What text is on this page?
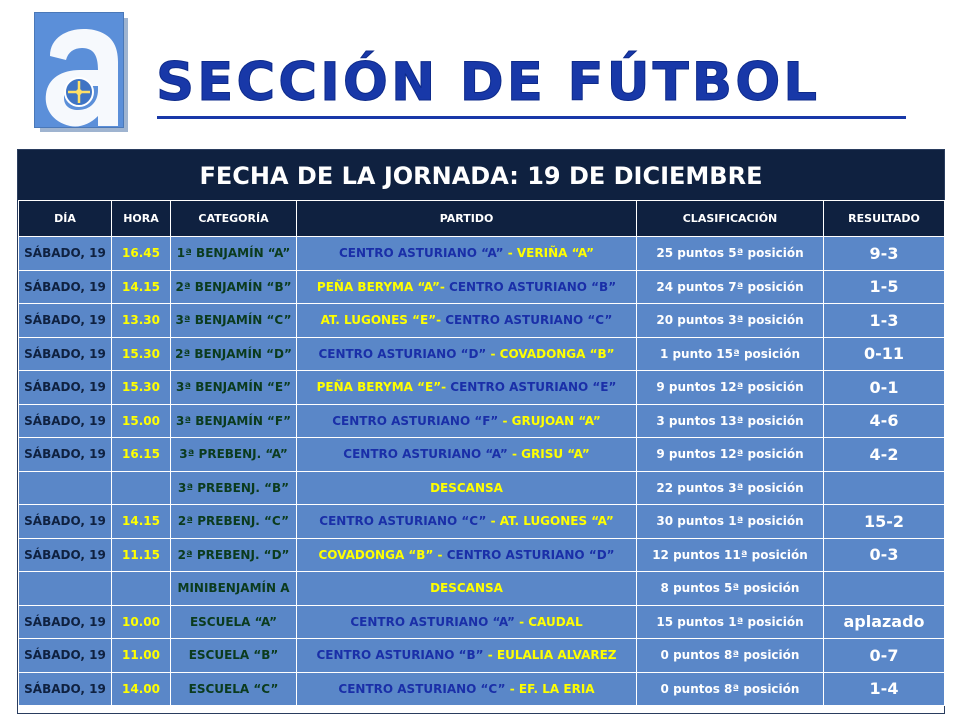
SECCIÓN DE FÚTBOL
FECHA DE LA JORNADA: 19 DE DICIEMBRE
DÍA	HORA	CATEGORÍA	PARTIDO	CLASIFICACIÓN	RESULTADO
SÁBADO, 19	16.45	1ª BENJAMÍN “A”	CENTRO ASTURIANO “A” - VERIÑA “A”	25 puntos 5ª posición	9-3
SÁBADO, 19	14.15	2ª BENJAMÍN “B”	PEÑA BERYMA “A”- CENTRO ASTURIANO “B”	24 puntos 7ª posición	1-5
SÁBADO, 19	13.30	3ª BENJAMÍN “C”	AT. LUGONES “E”- CENTRO ASTURIANO “C”	20 puntos 3ª posición	1-3
SÁBADO, 19	15.30	2ª BENJAMÍN “D”	CENTRO ASTURIANO “D” - COVADONGA “B”	1 punto 15ª posición	0-11
SÁBADO, 19	15.30	3ª BENJAMÍN “E”	PEÑA BERYMA “E”- CENTRO ASTURIANO “E”	9 puntos 12ª posición	0-1
SÁBADO, 19	15.00	3ª BENJAMÍN “F”	CENTRO ASTURIANO “F” - GRUJOAN “A”	3 puntos 13ª posición	4-6
SÁBADO, 19	16.15	3ª PREBENJ. “A”	CENTRO ASTURIANO “A” - GRISU “A”	9 puntos 12ª posición	4-2
		3ª PREBENJ. “B”	DESCANSA	22 puntos 3ª posición	
SÁBADO, 19	14.15	2ª PREBENJ. “C”	CENTRO ASTURIANO “C” - AT. LUGONES “A”	30 puntos 1ª posición	15-2
SÁBADO, 19	11.15	2ª PREBENJ. “D”	COVADONGA “B” - CENTRO ASTURIANO “D”	12 puntos 11ª posición	0-3
		MINIBENJAMÍN A	DESCANSA	8 puntos 5ª posición	
SÁBADO, 19	10.00	ESCUELA “A”	CENTRO ASTURIANO “A” - CAUDAL	15 puntos 1ª posición	aplazado
SÁBADO, 19	11.00	ESCUELA “B”	CENTRO ASTURIANO “B” - EULALIA ALVAREZ	0 puntos 8ª posición	0-7
SÁBADO, 19	14.00	ESCUELA “C”	CENTRO ASTURIANO “C” - EF. LA ERIA	0 puntos 8ª posición	1-4
